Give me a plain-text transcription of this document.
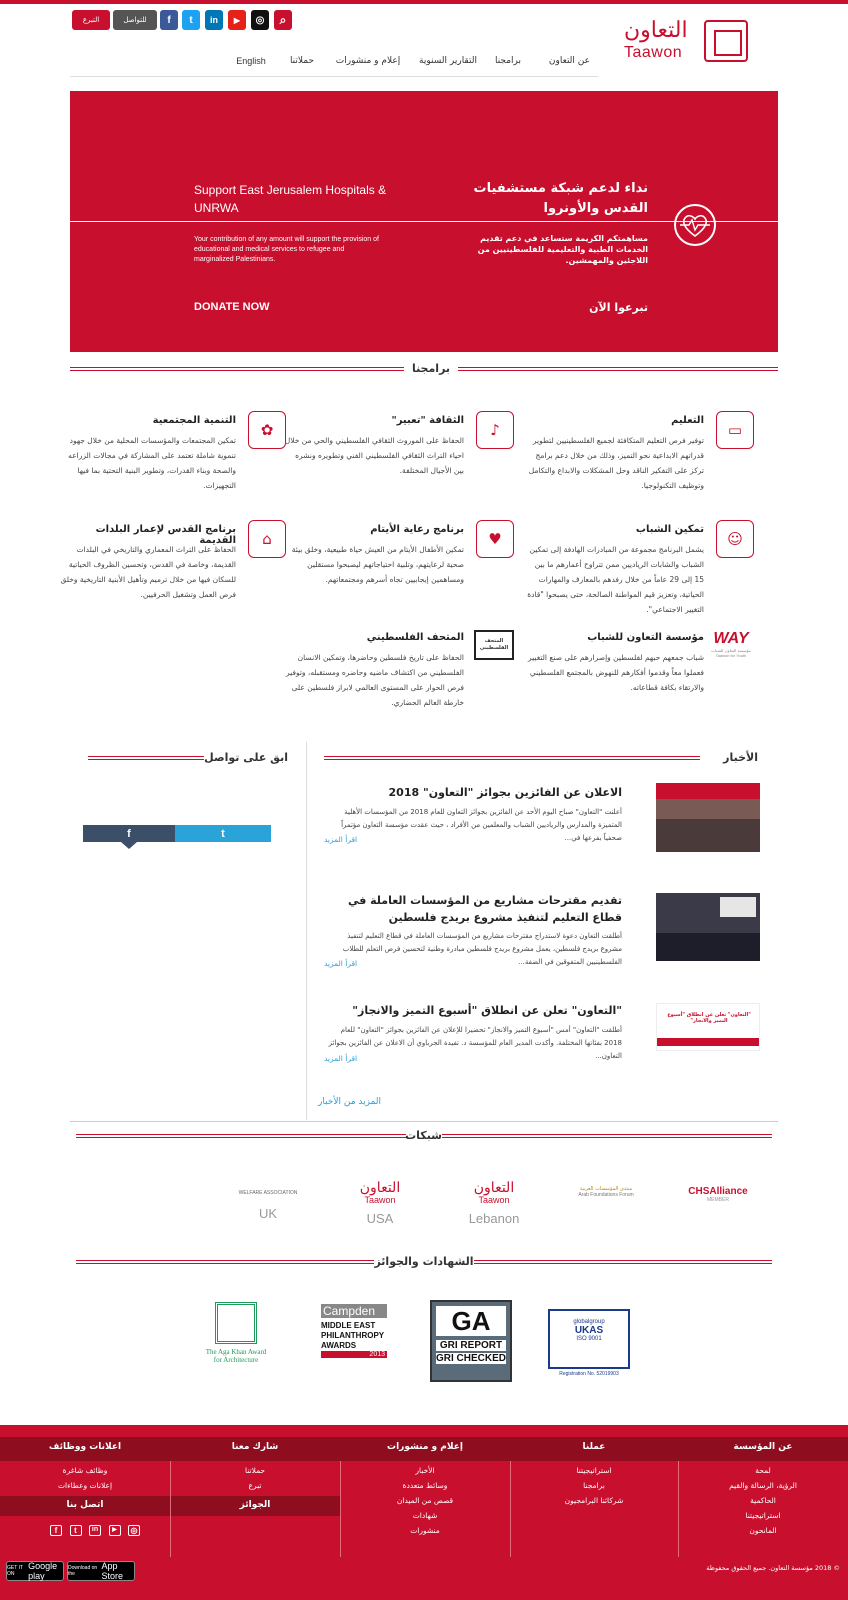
التعاون
Taawon
التبرع	للتواصل	f	t	in	▶	◎	⌕
عن التعاون
برامجنا
التقارير السنوية
إعلام و منشورات
حملاتنا
English
نداء لدعم شبكة مستشفيات القدس والأونروا
Support East Jerusalem Hospitals & UNRWA
مساهمتكم الكريمة ستساعد في دعم تقديم الخدمات الطبية والتعليمية للفلسطينيين من اللاجئين والمهمشين.
Your contribution of any amount will support the provision of educational and medical services to refugee and marginalized Palestinians.
تبرعوا الآن
DONATE NOW
برامجنا
▭
التعليم
توفير فرص التعليم المتكافئة لجميع الفلسطينيين لتطوير قدراتهم الابداعية نحو التميز، وذلك من خلال دعم برامج تركز على التفكير الناقد وحل المشكلات والابداع والتكامل وتوظيف التكنولوجيا.
♪
الثقافة "تعبير"
الحفاظ على الموروث الثقافي الفلسطيني والحي من خلال احياء التراث الثقافي الفلسطيني الفني وتطويره ونشره بين الأجيال المختلفة.
✿
التنمية المجتمعية
تمكين المجتمعات والمؤسسات المحلية من خلال جهود تنموية شاملة تعتمد على المشاركة في مجالات الزراعه والصحة وبناء القدرات، وتطوير البنية التحتية بما فيها التجهيزات.
☺
تمكين الشباب
يشمل البرنامج مجموعة من المبادرات الهادفة إلى تمكين الشباب والشابات الرياديين ممن تتراوح أعمارهم ما بين 15 إلى 29 عاماً من خلال رفدهم بالمعارف والمهارات الحياتية، وتعزيز قيم المواطنة الصالحة، حتى يصبحوا "قادة التغيير الاجتماعي".
♥
برنامج رعاية الأيتام
تمكين الأطفال الأيتام من العيش حياة طبيعية، وخلق بيئة صحية لرعايتهم، وتلبية احتياجاتهم ليصبحوا مستقلين ومساهمين إيجابيين تجاه أسرهم ومجتمعاتهم.
⌂
برنامج القدس لإعمار البلدات القديمة
الحفاظ على التراث المعماري والتاريخي في البلدات القديمة، وخاصة في القدس، وتحسين الظروف الحياتية للسكان فيها من خلال ترميم وتأهيل الأبنية التاريخية وخلق فرص العمل وتشغيل الحرفيين.
WAY
مؤسسة التعاون للشباب
Taawon for Youth
مؤسسة التعاون للشباب
شباب جمعهم حبهم لفلسطين وإصرارهم على صنع التغيير فعملوا معاً وقدموا أفكارهم للنهوض بالمجتمع الفلسطيني والارتقاء بكافة قطاعاته.
المتحف الفلسطيني
المتحف الفلسطيني
الحفاظ على تاريخ فلسطين وحاضرها، وتمكين الانسان الفلسطيني من اكتشاف ماضيه وحاضره ومستقبله، وتوفير فرص الحوار على المستوى العالمي لابراز فلسطين على خارطة العالم الحضاري.
الأخبار
ابق على تواصل
f	t
الاعلان عن الفائزين بجوائز "التعاون" 2018
أعلنت "التعاون" صباح اليوم الأحد عن الفائزين بجوائز التعاون للعام 2018 من المؤسسات الأهلية المتميزة والمدارس والرياديين الشباب والمعلمين من الأفراد ، حيث عقدت مؤسسة التعاون مؤتمراً صحفياً بفرعها في...
اقرأ المزيد
تقديم مقترحات مشاريع من المؤسسات العاملة في قطاع التعليم لتنفيذ مشروع بريدج فلسطين
أطلقت التعاون دعوة لاستدراج مقترحات مشاريع من المؤسسات العاملة في قطاع التعليم لتنفيذ مشروع بريدج فلسطين، يعمل مشروع بريدج فلسطين مبادرة وطنية لتحسين فرص التعلم للطلاب الفلسطينيين المتفوقين في الضفة...
اقرأ المزيد
"التعاون" تعلن عن انطلاق "أسبوع التميز والانجاز"
"التعاون" تعلن عن انطلاق "أسبوع التميز والانجاز"
أطلقت "التعاون" أمس "أسبوع التميز والانجاز" تحضيرا للإعلان عن الفائزين بجوائز "التعاون" للعام 2018 بفئاتها المختلفة. وأكدت المدير العام للمؤسسة د. تفيدة الجرباوي أن الاعلان عن الفائزين بجوائز التعاون...
اقرأ المزيد
المزيد من الأخبار
شبكات
CHSAlliance
MEMBER
منتدى المؤسسات العربية
Arab Foundations Forum
التعاون
Taawon
Lebanon
التعاون
Taawon
USA
WELFARE ASSOCIATION
UK
الشهادات والجوائز
globalgroup
UKAS
ISO 9001
Registration No. 52019903
GA
GRI REPORT
GRI CHECKED
Campden
MIDDLE EAST
PHILANTHROPY
AWARDS
2013
The Aga Khan Award
for Architecture
عن المؤسسة
لمحة
الرؤية، الرسالة والقيم
الحاكمية
استراتيجيتنا
المانحون
عملنا
استراتيجيتنا
برامجنا
شركائنا البرامجيون
إعلام و منشورات
الأخبار
وسائط متعددة
قصص من الميدان
شهادات
منشورات
شارك معنا
حملاتنا
تبرع
الجوائز
اعلانات ووظائف
وظائف شاغرة
إعلانات وعطاءات
اتصل بنا
f	t	in	▶	◎
© 2018 مؤسسة التعاون. جميع الحقوق محفوظة
GET IT ON
Google play
Download on the
App Store
